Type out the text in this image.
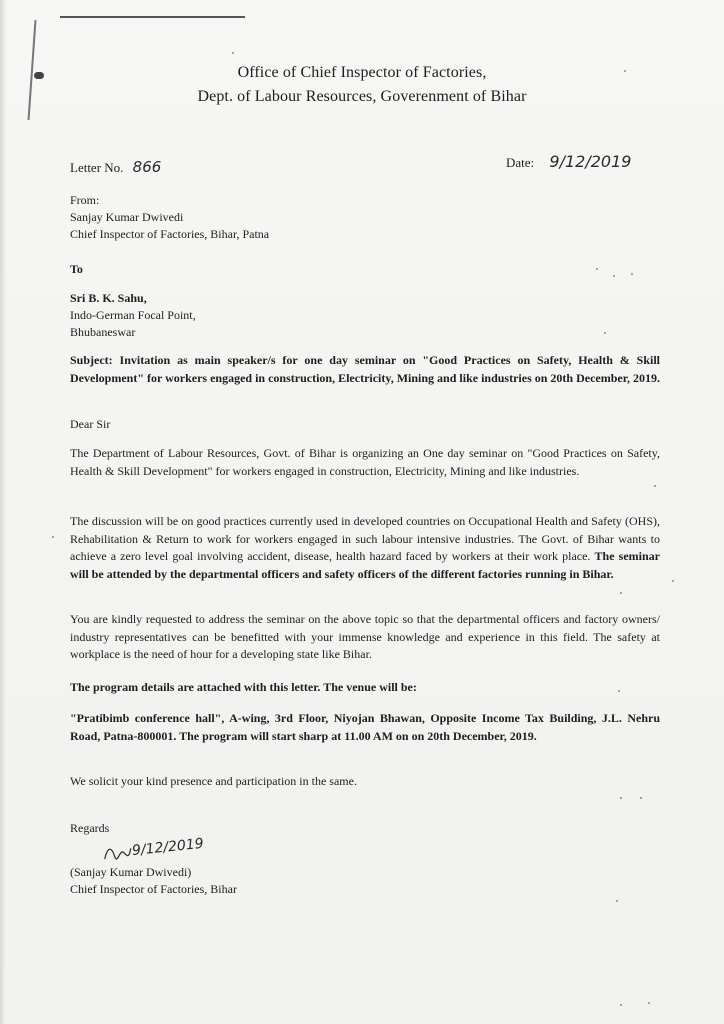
Office of Chief Inspector of Factories,
Dept. of Labour Resources, Goverenment of Bihar
Letter No. 866	Date: 9/12/2019
From:
Sanjay Kumar Dwivedi
Chief Inspector of Factories, Bihar, Patna
To
Sri B. K. Sahu,
Indo-German Focal Point,
Bhubaneswar

Subject: Invitation as main speaker/s for one day seminar on "Good Practices on Safety, Health & Skill Development" for workers engaged in construction, Electricity, Mining and like industries on 20th December, 2019.

Dear Sir

The Department of Labour Resources, Govt. of Bihar is organizing an One day seminar on "Good Practices on Safety, Health & Skill Development" for workers engaged in construction, Electricity, Mining and like industries.

The discussion will be on good practices currently used in developed countries on Occupational Health and Safety (OHS), Rehabilitation & Return to work for workers engaged in such labour intensive industries. The Govt. of Bihar wants to achieve a zero level goal involving accident, disease, health hazard faced by workers at their work place. The seminar will be attended by the departmental officers and safety officers of the different factories running in Bihar.

You are kindly requested to address the seminar on the above topic so that the departmental officers and factory owners/ industry representatives can be benefitted with your immense knowledge and experience in this field. The safety at workplace is the need of hour for a developing state like Bihar.

The program details are attached with this letter. The venue will be:

"Pratibimb conference hall", A-wing, 3rd Floor, Niyojan Bhawan, Opposite Income Tax Building, J.L. Nehru Road, Patna-800001. The program will start sharp at 11.00 AM on on 20th December, 2019.

We solicit your kind presence and participation in the same.

Regards
9/12/2019
(Sanjay Kumar Dwivedi)
Chief Inspector of Factories, Bihar
